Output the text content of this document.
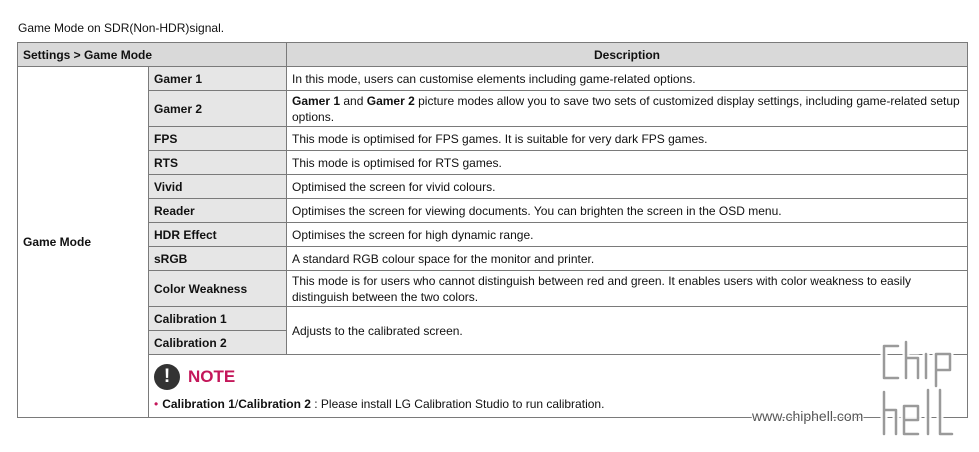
Game Mode on SDR(Non-HDR)signal.
Settings > Game Mode		Description
Game Mode	Gamer 1	In this mode, users can customise elements including game-related options.
	Gamer 2	Gamer 1 and Gamer 2 picture modes allow you to save two sets of customized display settings, including game-related setup options.
	FPS	This mode is optimised for FPS games. It is suitable for very dark FPS games.
	RTS	This mode is optimised for RTS games.
	Vivid	Optimised the screen for vivid colours.
	Reader	Optimises the screen for viewing documents. You can brighten the screen in the OSD menu.
	HDR Effect	Optimises the screen for high dynamic range.
	sRGB	A standard RGB colour space for the monitor and printer.
	Color Weakness	This mode is for users who cannot distinguish between red and green. It enables users with color weakness to easily distinguish between the two colors.
	Calibration 1	Adjusts to the calibrated screen.
	Calibration 2	

! NOTE
• Calibration 1/Calibration 2 : Please install LG Calibration Studio to run calibration.	
www.chiphell.com
